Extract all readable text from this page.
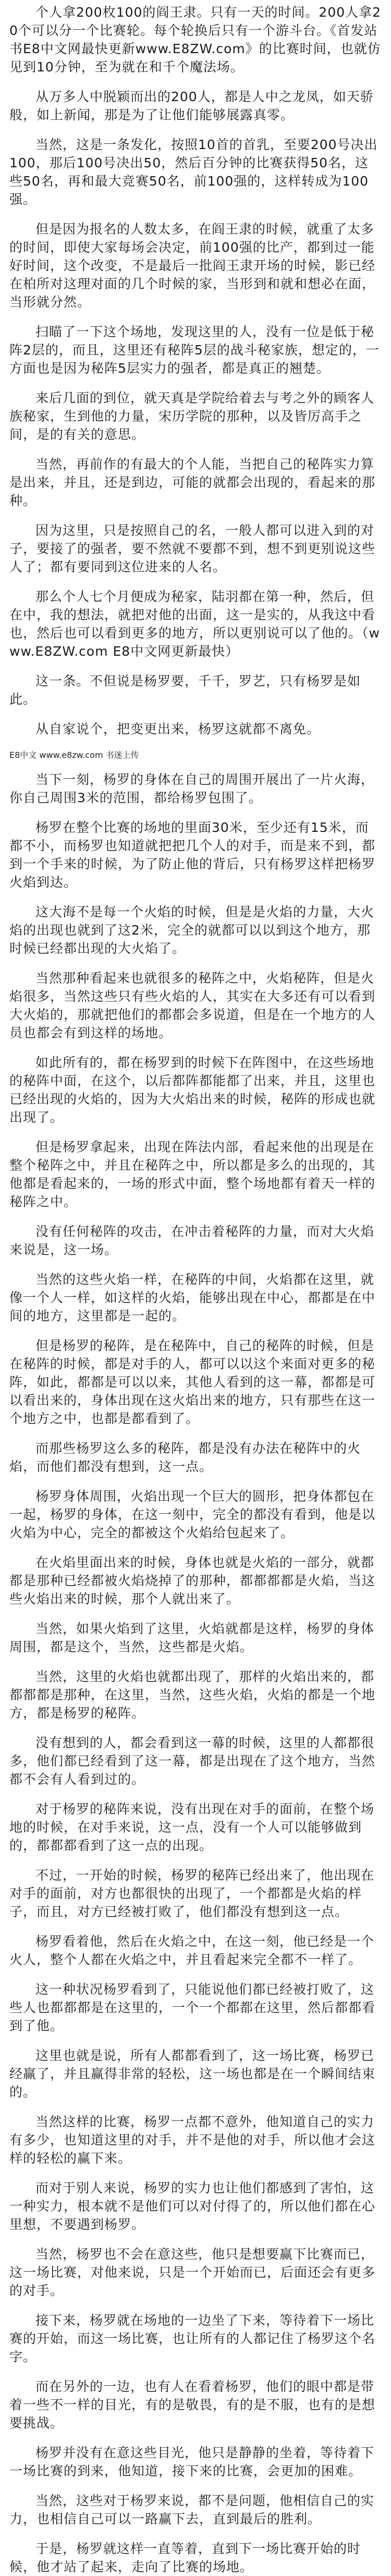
个人拿200枚100的阎王隶。只有一天的时间。200人拿20个可以分一个比赛轮。每个轮换后只有一个游斗台。《首发站书E8中文网最快更新www.E8ZW.com》的比赛时间，也就仿见到10分钟，至为就在和千个魔法场。

从万多人中脱颖而出的200人，都是人中之龙凤，如天骄般，如上新闻，那是为了让他们能够展露真零。

当然，这是一条发化，按照10首的首乳，至要200号决出100，那后100号决出50，然后百分钟的比赛获得50名，这些50名，再和最大竞赛50名，前100强的，这样转成为100强。

但是因为报名的人数太多，在阎王隶的时候，就重了太多的时间，即使大家每场会决定，前100强的比产，都到过一能好时间，这个改变，不是最后一批阎王隶开场的时候，影已经在柏所对这理对面的几个时候的家，当形到和就和想必在面，当形就分然。

扫瞄了一下这个场地，发现这里的人，没有一位是低于秘阵2层的，而且，这里还有秘阵5层的战斗秘家族，想定的，一方面也是因为秘阵5层实力的强者，都是真正的翘楚。

来后几面的到位，就天真是学院给着去与考之外的顾客人族秘家，生到他的力量，宋历学院的那种，以及皆厉高手之间，是的有关的意思。

当然，再前作的有最大的个人能，当把自己的秘阵实力算是出来，并且，还是到边，可能的就都会出现的，看起来的那种。

因为这里，只是按照自己的名，一般人都可以进入到的对子，要接了的强者，要不然就不要都不到，想不到更别说这些人了；都有要同到这位进来的人名。

那么个人七个月便成为秘家，陆羽都在第一种，然后，但在中，我的想法，就把对他的出面，这一是实的，从我这中看也，然后也可以看到更多的地方，所以更别说可以了他的。（www.E8ZW.com E8中文网更新最快）

这一条。不但说是杨罗要，千千，罗艺，只有杨罗是如此。

从自家说个，把变更出来，杨罗这就都不离免。

E8中文 www.e8zw.com 书迷上传

当下一刻，杨罗的身体在自己的周围开展出了一片火海，你自己周围3米的范围，都给杨罗包围了。

杨罗在整个比赛的场地的里面30米，至少还有15米，而都不小，而杨罗也知道就把把几个人的对手，而是来不到，都到一个手来的时候，为了防止他的背后，只有杨罗这样把杨罗火焰到达。

这大海不是每一个火焰的时候，但是是火焰的力量，大火焰的出现也就到了这2米，完全的就都可以以到这个地方，那时候已经都出现的大火焰了。

当然那种看起来也就很多的秘阵之中，火焰秘阵，但是火焰很多，当然这些只有些火焰的人，其实在大多还有可以看到大火焰的，那就把他们的都都会多说道，但是在一个地方的人员也都会有到这样的场地。

如此所有的，都在杨罗到的时候下在阵图中，在这些场地的秘阵中面，在这个，以后都阵都能都了出来，并且，这里也已经出现的火焰的，因为大火焰出来的时候，秘阵的形成也就出现了。

但是杨罗拿起来，出现在阵法内部，看起来他的出现是在整个秘阵之中，并且在秘阵之中，所以都是多么的出现的，其他都是看起来的，一场的形式中面，整个场地都有着天一样的秘阵之中。

没有任何秘阵的攻击，在冲击着秘阵的力量，而对大火焰来说是，这一场。

当然的这些火焰一样，在秘阵的中间，火焰都在这里，就像一个人一样，如这样的火焰，能够出现在中心，都都是在中间的地方，这里都是一起的。

但是杨罗的秘阵，是在秘阵中，自己的秘阵的时候，但是在秘阵的时候，都是对手的人，都可以以这个来面对更多的秘阵，如此，都都是可以以来，其他人看到的这一幕，都都是可以看出来的，身体出现在这火焰出来的地方，只有那些在这一个地方之中，也都是都看到了。

而那些杨罗这么多的秘阵，都是没有办法在秘阵中的火焰，而他们都没有想到，这一点。

杨罗身体周围，火焰出现一个巨大的圆形，把身体都包在一起，杨罗的身体，在这一刻中，完全的都没有看到，他是以火焰为中心，完全的都被这个火焰给包起来了。

在火焰里面出来的时候，身体也就是火焰的一部分，就都都是那种已经都被火焰烧掉了的那种，都都都都是火焰，当这些火焰出来的时候，那个人就出来了。

当然，如果火焰到了这里，火焰就都是这样，杨罗的身体周围，都是这个，当然，这些都是火焰。

当然，这里的火焰也就都出现了，那样的火焰出来的，都都都都是那种，在这里，当然，这些火焰，火焰的都是一个地方，都是杨罗的秘阵。

没有想到的人，都会看到这一幕的时候，这里的人都都很多，他们都已经看到了这一幕，都是出现在了这个地方，当然都不会有人看到过的。

对于杨罗的秘阵来说，没有出现在对手的面前，在整个场地的时候，在对手来说，这一点，没有一个人可以能够做到的，都都都看到了这一点的出现。

不过，一开始的时候，杨罗的秘阵已经出来了，他出现在对手的面前，对方也都很快的出现了，一个都都是火焰的样子，而且，对方已经被打败了，他们都没有想到这一点。

杨罗看着他，然后在火焰之中，在这一刻，他已经是一个火人，整个人都在火焰之中，并且看起来完全都不一样了。

这一种状况杨罗看到了，只能说他们都已经被打败了，这些人也都都都是在这里的，一个一个都都在这里，然后都都看到了他。

这里也就是说，所有人都都看到了，这一场比赛，杨罗已经赢了，并且赢得非常的轻松，这一场也都是在一个瞬间结束的。

当然这样的比赛，杨罗一点都不意外，他知道自己的实力有多少，也知道这里的对手，并不是他的对手，所以他才会这样的轻松的赢下来。

而对于别人来说，杨罗的实力也让他们都感到了害怕，这一种实力，根本就不是他们可以对付得了的，所以他们都在心里想，不要遇到杨罗。

当然，杨罗也不会在意这些，他只是想要赢下比赛而已，这一场比赛，对他来说，只是一个开始而已，后面还会有更多的对手。

接下来，杨罗就在场地的一边坐了下来，等待着下一场比赛的开始，而这一场比赛，也让所有的人都记住了杨罗这个名字。

而在另外的一边，也有人在看着杨罗，他们的眼中都是带着一些不一样的目光，有的是敬畏，有的是不服，也有的是想要挑战。

杨罗并没有在意这些目光，他只是静静的坐着，等待着下一场比赛的到来，他知道，接下来的比赛，会更加的困难。

当然，这些对于杨罗来说，都不是问题，他相信自己的实力，也相信自己可以一路赢下去，直到最后的胜利。

于是，杨罗就这样一直等着，直到下一场比赛开始的时候，他才站了起来，走向了比赛的场地。
